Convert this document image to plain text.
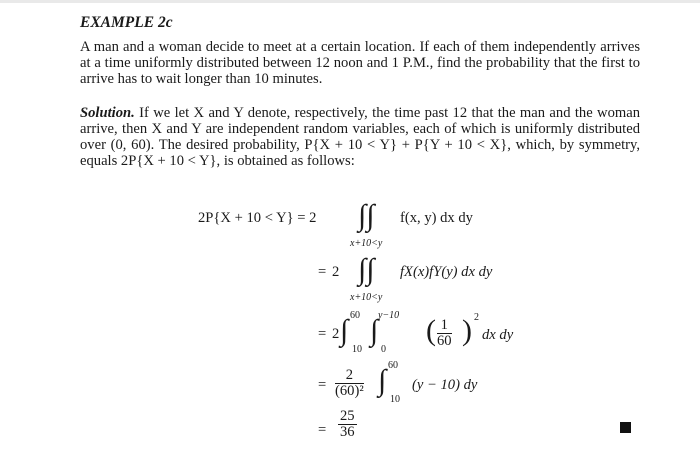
EXAMPLE 2c

A man and a woman decide to meet at a certain location. If each of them independently arrives at a time uniformly distributed between 12 noon and 1 P.M., find the probability that the first to arrive has to wait longer than 10 minutes.

Solution. If we let X and Y denote, respectively, the time past 12 that the man and the woman arrive, then X and Y are independent random variables, each of which is uniformly distributed over (0, 60). The desired probability, P{X + 10 < Y} + P{Y + 10 < X}, which, by symmetry, equals 2P{X + 10 < Y}, is obtained as follows:

2P{X + 10 < Y} = 2 ∫∫ f(x, y) dx dy
x+10<y
= 2 ∫∫ fX(x)fY(y) dx dy
x+10<y
= 2 ∫ 60
10
∫ y−10
0
( $\frac{1}{60}$ ) 2
dx dy
= $\frac{2}{\text{(60)²}}$ ∫ 60
10
(y − 10) dy
= $\frac{25}{36}$
